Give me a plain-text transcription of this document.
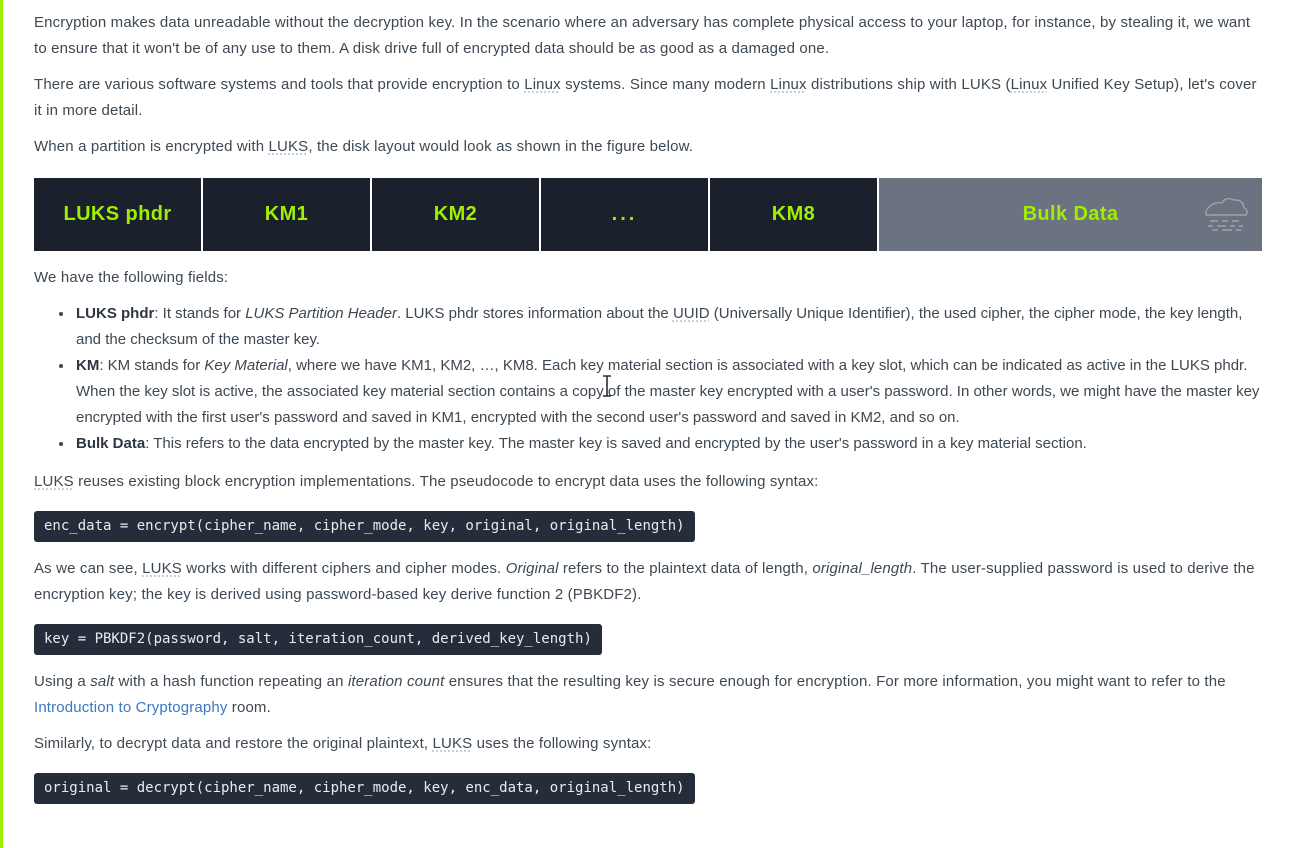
Encryption makes data unreadable without the decryption key. In the scenario where an adversary has complete physical access to your laptop, for instance, by stealing it, we want to ensure that it won't be of any use to them. A disk drive full of encrypted data should be as good as a damaged one.

There are various software systems and tools that provide encryption to Linux systems. Since many modern Linux distributions ship with LUKS (Linux Unified Key Setup), let's cover it in more detail.

When a partition is encrypted with LUKS, the disk layout would look as shown in the figure below.

LUKS phdr	KM1	KM2	...	KM8	Bulk Data

We have the following fields:

• LUKS phdr: It stands for LUKS Partition Header. LUKS phdr stores information about the UUID (Universally Unique Identifier), the used cipher, the cipher mode, the key length, and the checksum of the master key.
• KM: KM stands for Key Material, where we have KM1, KM2, …, KM8. Each key material section is associated with a key slot, which can be indicated as active in the LUKS phdr. When the key slot is active, the associated key material section contains a copy of the master key encrypted with a user's password. In other words, we might have the master key encrypted with the first user's password and saved in KM1, encrypted with the second user's password and saved in KM2, and so on.
• Bulk Data: This refers to the data encrypted by the master key. The master key is saved and encrypted by the user's password in a key material section.

LUKS reuses existing block encryption implementations. The pseudocode to encrypt data uses the following syntax:

enc_data = encrypt(cipher_name, cipher_mode, key, original, original_length)

As we can see, LUKS works with different ciphers and cipher modes. Original refers to the plaintext data of length, original_length. The user-supplied password is used to derive the encryption key; the key is derived using password-based key derive function 2 (PBKDF2).

key = PBKDF2(password, salt, iteration_count, derived_key_length)

Using a salt with a hash function repeating an iteration count ensures that the resulting key is secure enough for encryption. For more information, you might want to refer to the Introduction to Cryptography room.

Similarly, to decrypt data and restore the original plaintext, LUKS uses the following syntax:

original = decrypt(cipher_name, cipher_mode, key, enc_data, original_length)
